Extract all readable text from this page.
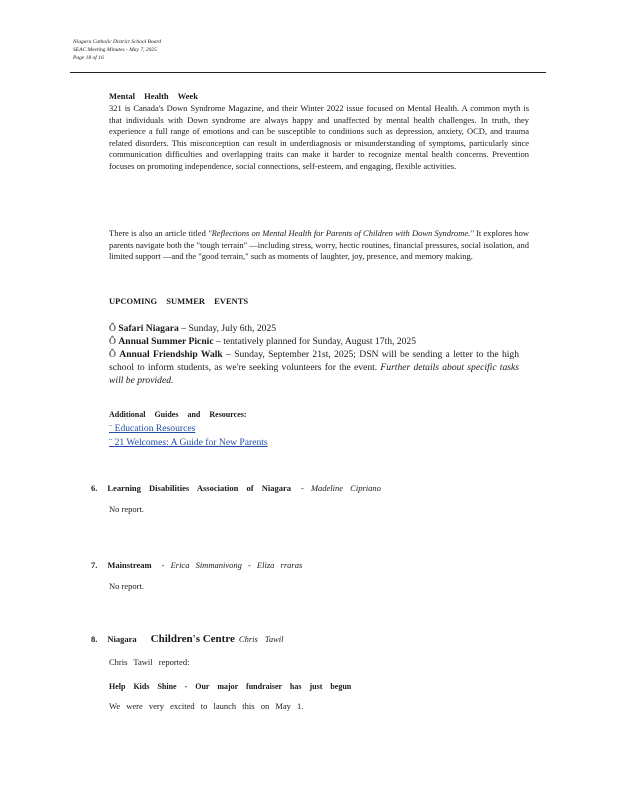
Niagara Catholic District School Board
SEAC Meeting Minutes - May 7, 2025
Page 18 of 16
Mental Health Week

321 is Canada's Down Syndrome Magazine, and their Winter 2022 issue focused on Mental Health. A common myth is that individuals with Down syndrome are always happy and unaffected by mental health challenges. In truth, they experience a full range of emotions and can be susceptible to conditions such as depression, anxiety, OCD, and trauma related disorders. This misconception can result in underdiagnosis or misunderstanding of symptoms, particularly since communication difficulties and overlapping traits can make it harder to recognize mental health concerns. Prevention focuses on promoting independence, social connections, self-esteem, and engaging, flexible activities.

There is also an article titled "Reflections on Mental Health for Parents of Children with Down Syndrome." It explores how parents navigate both the "tough terrain" —including stress, worry, hectic routines, financial pressures, social isolation, and limited support —and the "good terrain," such as moments of laughter, joy, presence, and memory making.

UPCOMING SUMMER EVENTS
Ô Safari Niagara – Sunday, July 6th, 2025
Ô Annual Summer Picnic – tentatively planned for Sunday, August 17th, 2025
Ô Annual Friendship Walk – Sunday, September 21st, 2025; DSN will be sending a letter to the high school to inform students, as we're seeking volunteers for the event. Further details about specific tasks will be provided.
Additional Guides and Resources:
¨ Education Resources
¨ 21 Welcomes: A Guide for New Parents
6. Learning Disabilities Association of Niagara - Madeline Cipriano
No report.
7. Mainstream - Erica Simmanivong - Eliza rraras
No report.
8. Niagara Children's Centre Chris Tawil
Chris Tawil reported:
Help Kids Shine - Our major fundraiser has just begun
We were very excited to launch this on May 1.
